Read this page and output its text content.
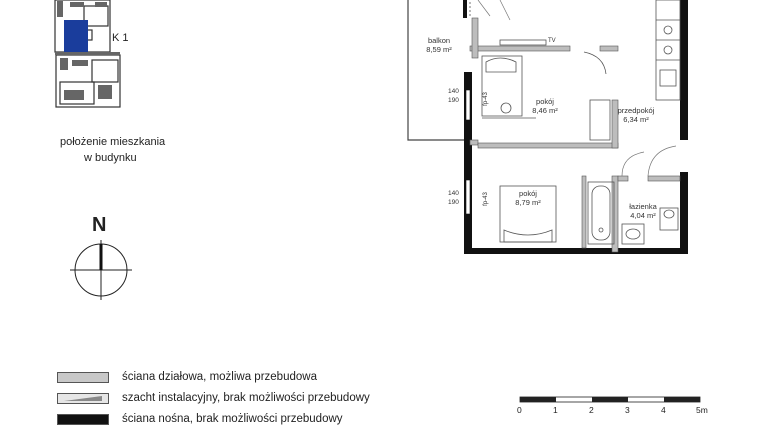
K 1
położenie mieszkania
w budynku
N
balkon
8,59 m²
pokój
8,46 m²	przedpokój
6,34 m²
pokój
8,79 m²	łazienka
4,04 m²
TV
140
190	fp-43
140
190	fp-43
ściana działowa, możliwa przebudowa
szacht instalacyjny, brak możliwości przebudowy
ściana nośna, brak możliwości przebudowy
0	1	2	3	4	5m
